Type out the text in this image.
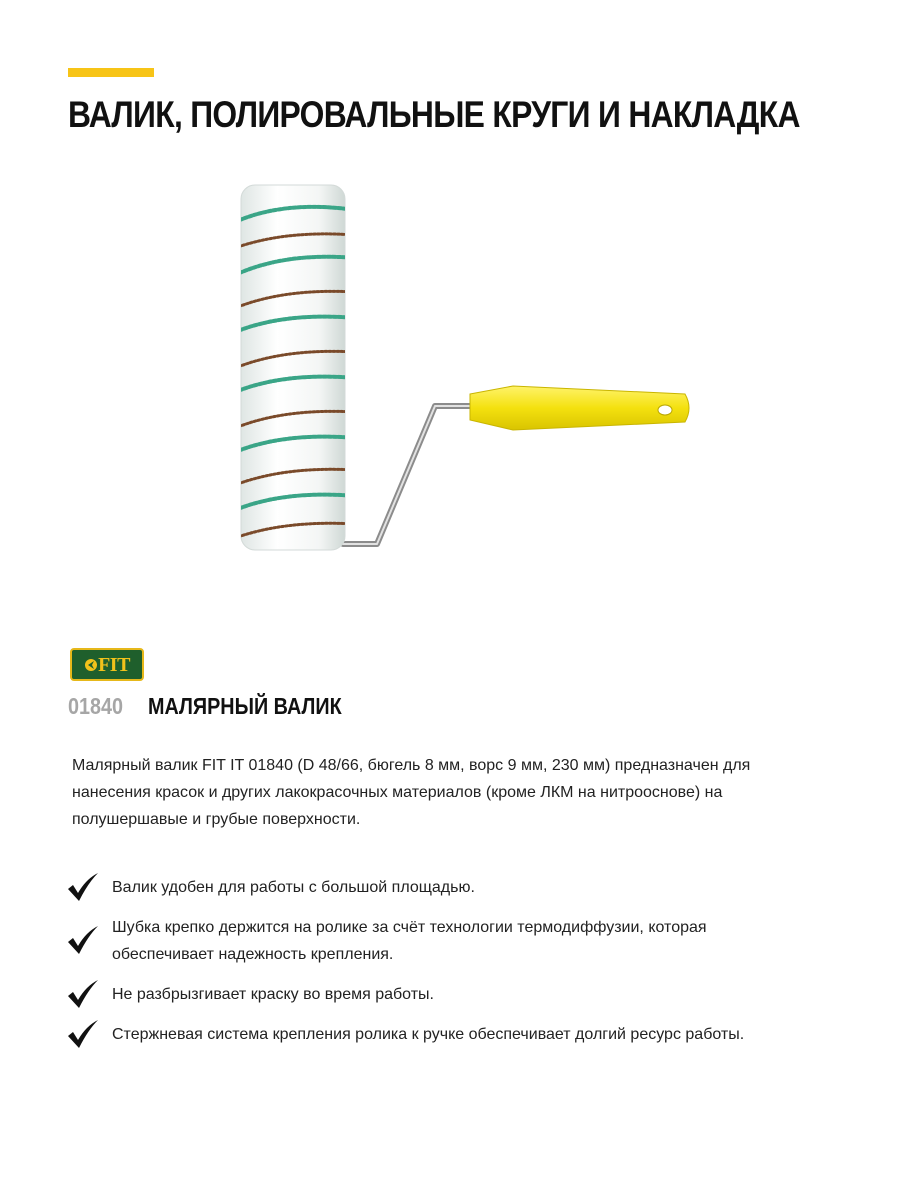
ВАЛИК, ПОЛИРОВАЛЬНЫЕ КРУГИ И НАКЛАДКА
FIT
01840 МАЛЯРНЫЙ ВАЛИК

Малярный валик FIT IT 01840 (D 48/66, бюгель 8 мм, ворс 9 мм, 230 мм) предназначен для нанесения красок и других лакокрасочных материалов (кроме ЛКМ на нитрооснове) на полушершавые и грубые поверхности.

Валик удобен для работы с большой площадью.
Шубка крепко держится на ролике за счёт технологии термодиффузии, которая обеспечивает надежность крепления.
Не разбрызгивает краску во время работы.
Стержневая система крепления ролика к ручке обеспечивает долгий ресурс работы.
